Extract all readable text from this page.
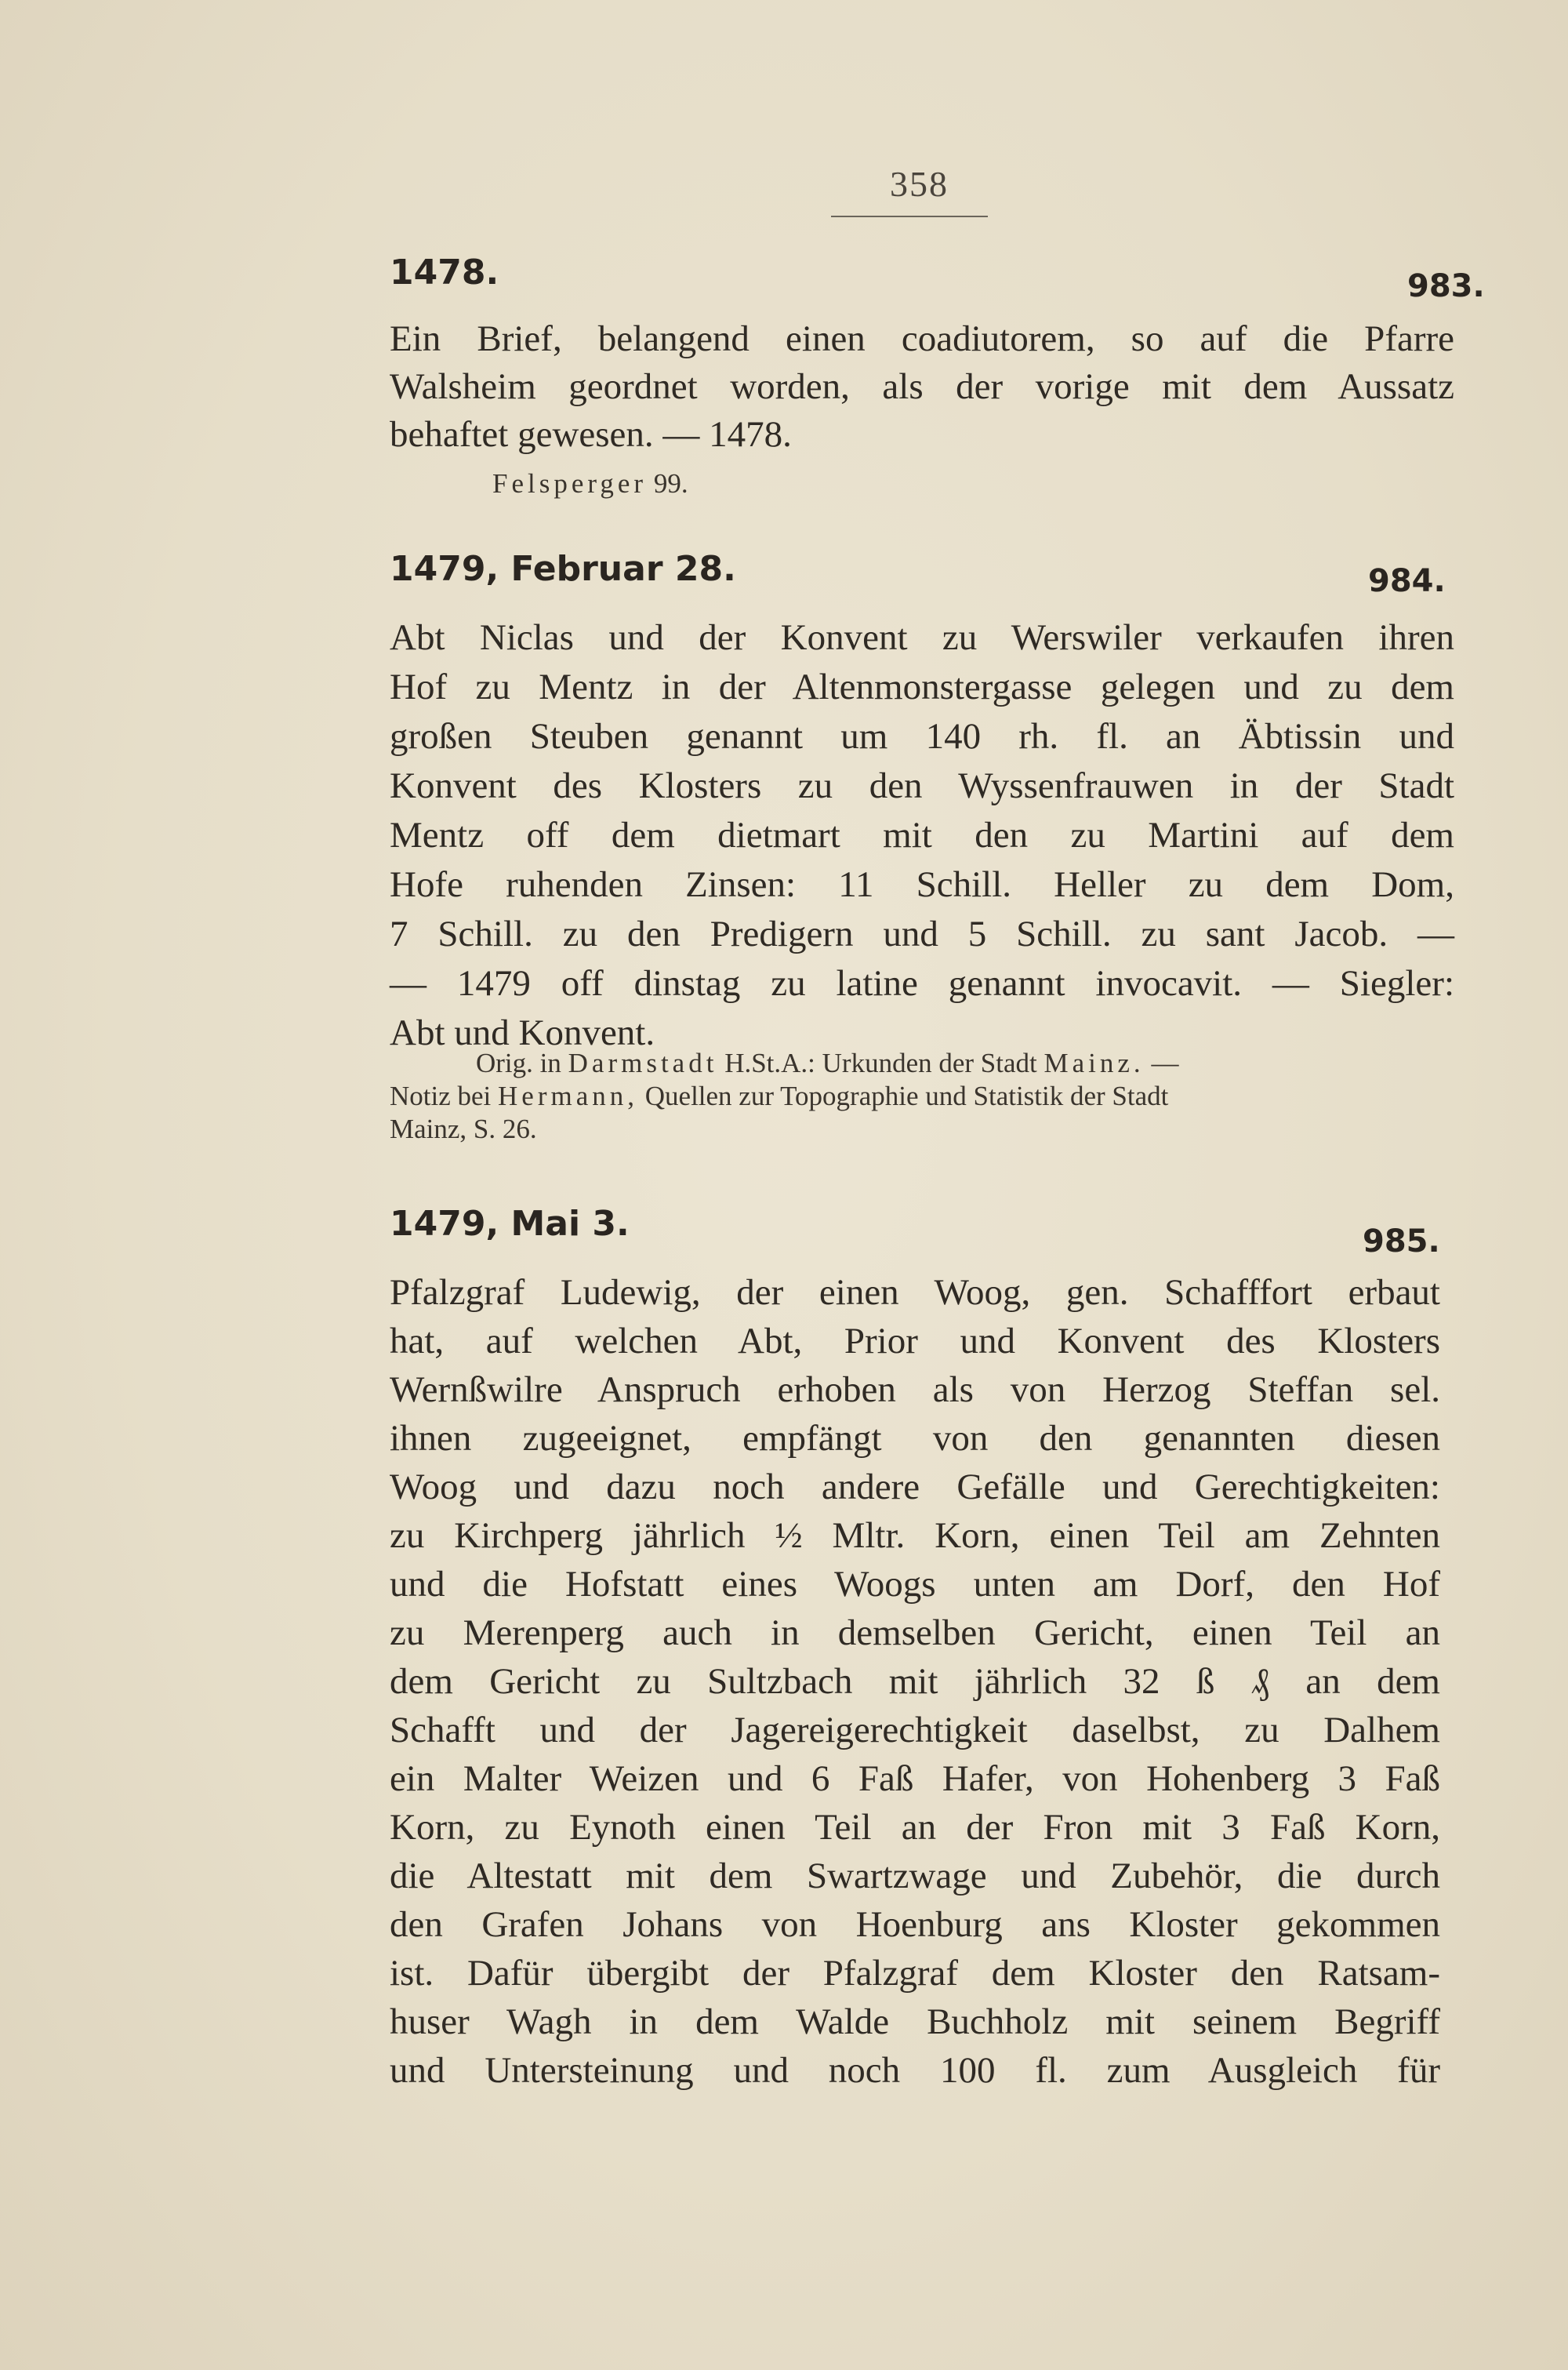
358
1478.	983.
Ein Brief, belangend einen coadiutorem, so auf die Pfarre
Walsheim geordnet worden, als der vorige mit dem Aussatz
behaftet gewesen. — 1478.
Felsperger 99.
1479, Februar 28.	984.
Abt Niclas und der Konvent zu Werswiler verkaufen ihren
Hof zu Mentz in der Altenmonstergasse gelegen und zu dem
großen Steuben genannt um 140 rh. fl. an Äbtissin und
Konvent des Klosters zu den Wyssenfrauwen in der Stadt
Mentz off dem dietmart mit den zu Martini auf dem
Hofe ruhenden Zinsen: 11 Schill. Heller zu dem Dom,
7 Schill. zu den Predigern und 5 Schill. zu sant Jacob. —
— 1479 off dinstag zu latine genannt invocavit. — Siegler:
Abt und Konvent.
Orig. in Darmstadt H.St.A.: Urkunden der Stadt Mainz. —
Notiz bei Hermann, Quellen zur Topographie und Statistik der Stadt
Mainz, S. 26.
1479, Mai 3.	985.
Pfalzgraf Ludewig, der einen Woog, gen. Schafffort erbaut
hat, auf welchen Abt, Prior und Konvent des Klosters
Wernßwilre Anspruch erhoben als von Herzog Steffan sel.
ihnen zugeeignet, empfängt von den genannten diesen
Woog und dazu noch andere Gefälle und Gerechtigkeiten:
zu Kirchperg jährlich ½ Mltr. Korn, einen Teil am Zehnten
und die Hofstatt eines Woogs unten am Dorf, den Hof
zu Merenperg auch in demselben Gericht, einen Teil an
dem Gericht zu Sultzbach mit jährlich 32 ß ₰ an dem
Schafft und der Jagereigerechtigkeit daselbst, zu Dalhem
ein Malter Weizen und 6 Faß Hafer, von Hohenberg 3 Faß
Korn, zu Eynoth einen Teil an der Fron mit 3 Faß Korn,
die Altestatt mit dem Swartzwage und Zubehör, die durch
den Grafen Johans von Hoenburg ans Kloster gekommen
ist. Dafür übergibt der Pfalzgraf dem Kloster den Ratsam-
huser Wagh in dem Walde Buchholz mit seinem Begriff
und Untersteinung und noch 100 fl. zum Ausgleich für
